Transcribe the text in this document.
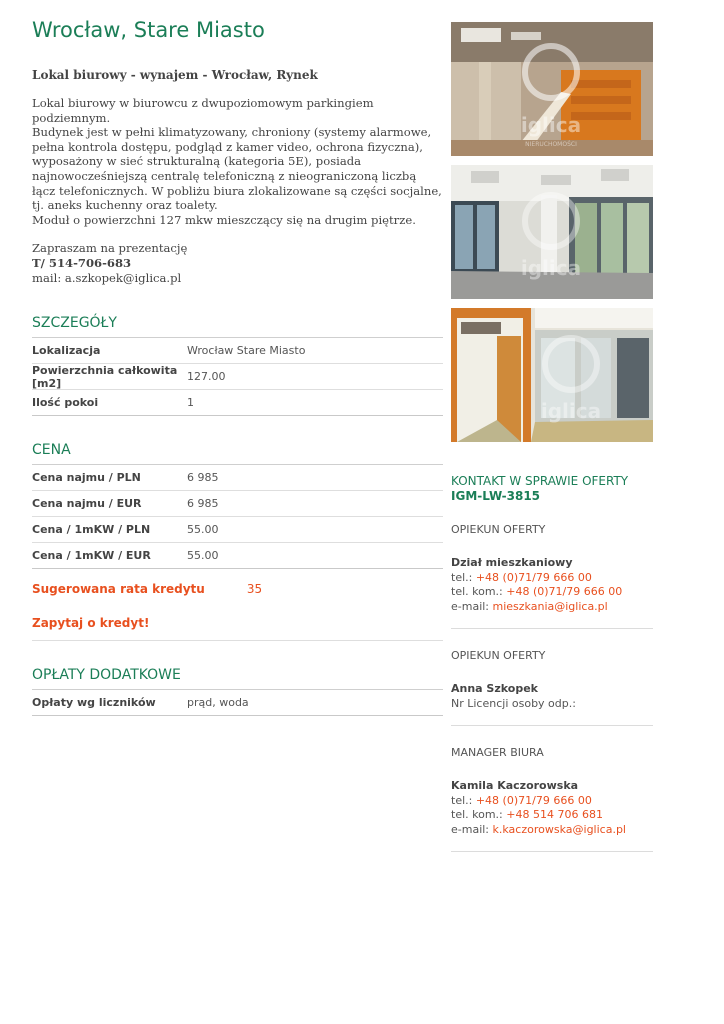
Wrocław, Stare Miasto
Lokal biurowy - wynajem - Wrocław, Rynek

Lokal biurowy w biurowcu z dwupoziomowym parkingiem podziemnym.

Budynek jest w pełni klimatyzowany, chroniony (systemy alarmowe, pełna kontrola dostępu, podgląd z kamer video, ochrona fizyczna), wyposażony w sieć strukturalną (kategoria 5E), posiada najnowocześniejszą centralę telefoniczną z nieograniczoną liczbą łącz telefonicznych. W pobliżu biura zlokalizowane są części socjalne, tj. aneks kuchenny oraz toalety.

Moduł o powierzchni 127 mkw mieszczący się na drugim piętrze.

Zapraszam na prezentację
T/ 514-706-683
mail: a.szkopek@iglica.pl
SZCZEGÓŁY
Lokalizacja	Wrocław Stare Miasto
Powierzchnia całkowita [m2]	127.00
Ilość pokoi	1
CENA
Cena najmu / PLN	6 985
Cena najmu / EUR	6 985
Cena / 1mKW / PLN	55.00
Cena / 1mKW / EUR	55.00
Sugerowana rata kredytu	35
Zapytaj o kredyt!
OPŁATY DODATKOWE
Opłaty wg liczników	prąd, woda
iglica
NIERUCHOMOŚCI
iglica
iglica
KONTAKT W SPRAWIE OFERTY
IGM-LW-3815
OPIEKUN OFERTY
Dział mieszkaniowy
tel.: +48 (0)71/79 666 00
tel. kom.: +48 (0)71/79 666 00
e-mail: mieszkania@iglica.pl
OPIEKUN OFERTY
Anna Szkopek
Nr Licencji osoby odp.:
MANAGER BIURA
Kamila Kaczorowska
tel.: +48 (0)71/79 666 00
tel. kom.: +48 514 706 681
e-mail: k.kaczorowska@iglica.pl
